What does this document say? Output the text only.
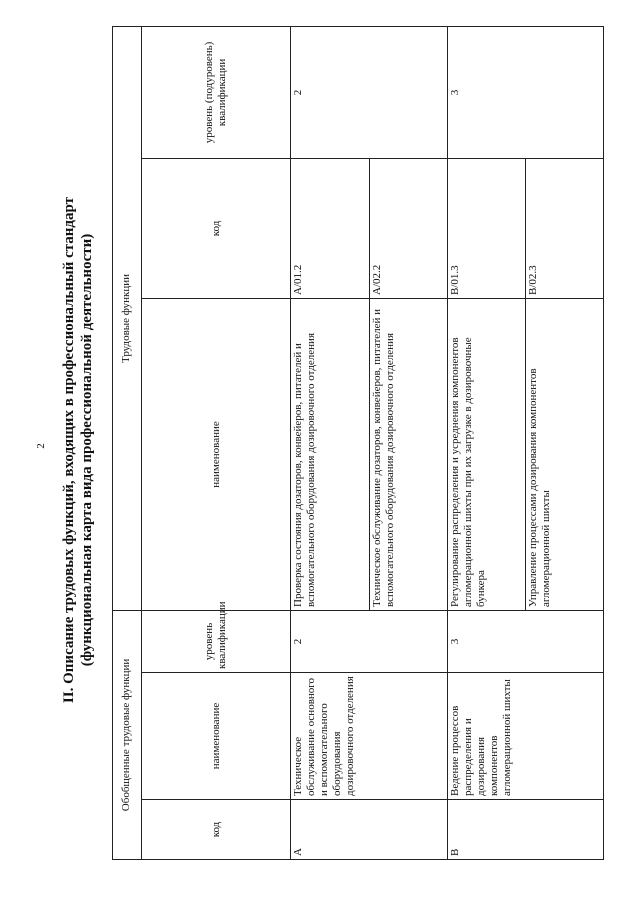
2 II. Описание трудовых функций, входящих в профессиональный стандарт (функциональная карта вида профессиональной деятельности)
Обобщенные трудовые функции			Трудовые функции		
код	наименование	уровень квалификации	наименование	код	уровень (подуровень) квалификации
А	Техническое обслуживание основного и вспомогательного оборудования дозировочного отделения	2	Проверка состояния дозаторов, конвейеров, питателей и вспомогательного оборудования дозировочного отделения	A/01.2	2
			Техническое обслуживание дозаторов, конвейеров, питателей и вспомогательного оборудования дозировочного отделения	A/02.2	
В	Ведение процессов распределения и дозирования компонентов агломерационной шихты	3	Регулирование распределения и усреднения компонентов агломерационной шихты при их загрузке в дозировочные бункера	B/01.3	3
			Управление процессами дозирования компонентов агломерационной шихты	B/02.3	
